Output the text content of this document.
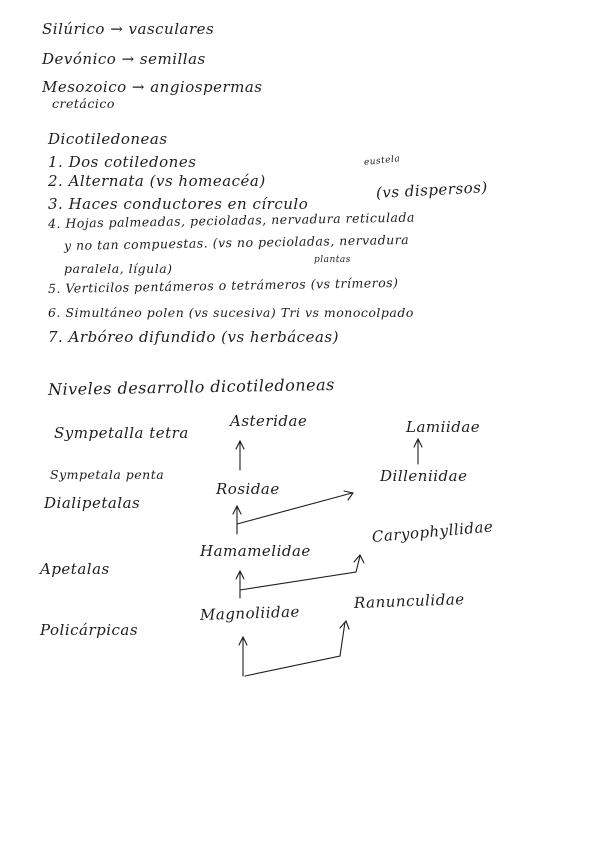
Silúrico → vasculares
Devónico → semillas
Mesozoico → angiospermas
cretácico
Dicotiledoneas
1. Dos cotiledones
2. Alternata (vs homeacéa)
eustela
3. Haces conductores en círculo
(vs dispersos)
4. Hojas palmeadas, pecioladas, nervadura reticulada
y no tan compuestas. (vs no pecioladas, nervadura
plantas
paralela, lígula)
5. Verticilos pentámeros o tetrámeros (vs trímeros)
6. Simultáneo polen (vs sucesiva) Tri vs monocolpado
7. Arbóreo difundido (vs herbáceas)
Niveles desarrollo dicotiledoneas
Sympetalla tetra
Sympetala penta
Dialipetalas
Apetalas
Policárpicas
Asteridae	Lamiidae
Rosidae
Dilleniidae
Hamamelidae
Caryophyllidae
Magnoliidae
Ranunculidae
